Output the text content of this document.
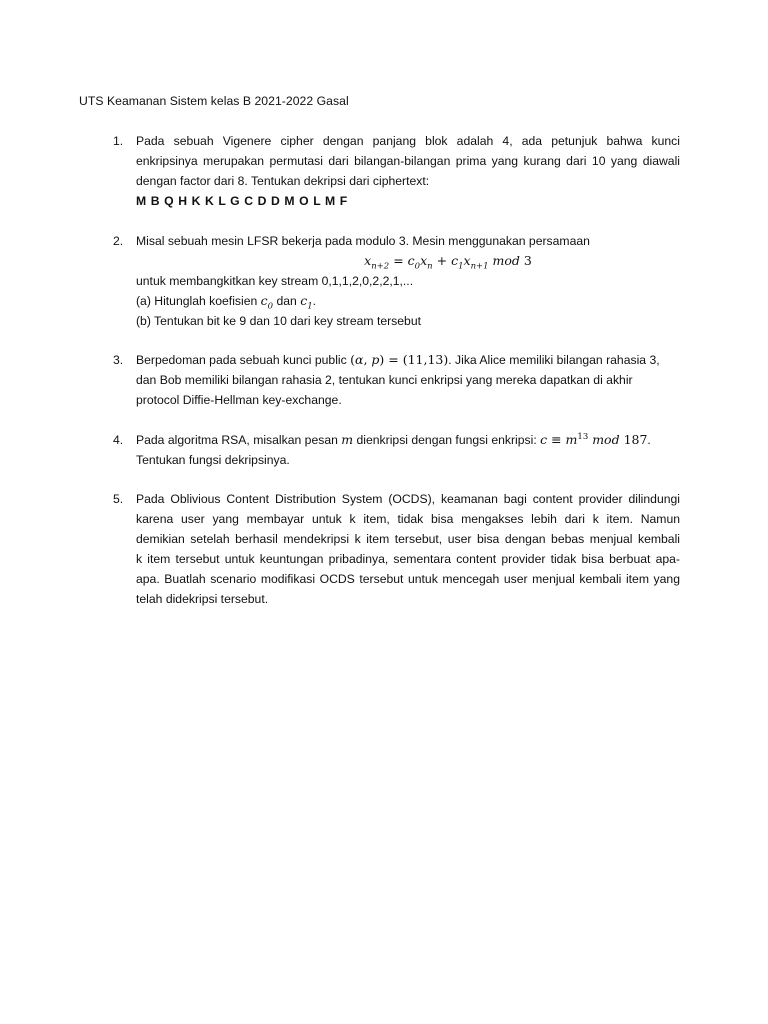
UTS Keamanan Sistem kelas B 2021-2022 Gasal
1. Pada sebuah Vigenere cipher dengan panjang blok adalah 4, ada petunjuk bahwa kunci
enkripsinya merupakan permutasi dari bilangan-bilangan prima yang kurang dari 10 yang diawali
dengan factor dari 8. Tentukan dekripsi dari ciphertext:
M B Q H K K L G C D D M O L M F
2. Misal sebuah mesin LFSR bekerja pada modulo 3. Mesin menggunakan persamaan
$x_{n+2} = c_0x_n + c_1x_{n+1}$ mod 3
untuk membangkitkan key stream 0,1,1,2,0,2,2,1,...
(a) Hitunglah koefisien $c_0$ dan $c_1$.
(b) Tentukan bit ke 9 dan 10 dari key stream tersebut
3. Berpedoman pada sebuah kunci public (α, p) = (11,13). Jika Alice memiliki bilangan rahasia 3,
dan Bob memiliki bilangan rahasia 2, tentukan kunci enkripsi yang mereka dapatkan di akhir
protocol Diffie-Hellman key-exchange.
4. Pada algoritma RSA, misalkan pesan m dienkripsi dengan fungsi enkripsi: $c \equiv m^{13}$ mod 187.
Tentukan fungsi dekripsinya.
5. Pada Oblivious Content Distribution System (OCDS), keamanan bagi content provider dilindungi
karena user yang membayar untuk k item, tidak bisa mengakses lebih dari k item. Namun
demikian setelah berhasil mendekripsi k item tersebut, user bisa dengan bebas menjual kembali
k item tersebut untuk keuntungan pribadinya, sementara content provider tidak bisa berbuat apa-
apa. Buatlah scenario modifikasi OCDS tersebut untuk mencegah user menjual kembali item yang
telah didekripsi tersebut.
